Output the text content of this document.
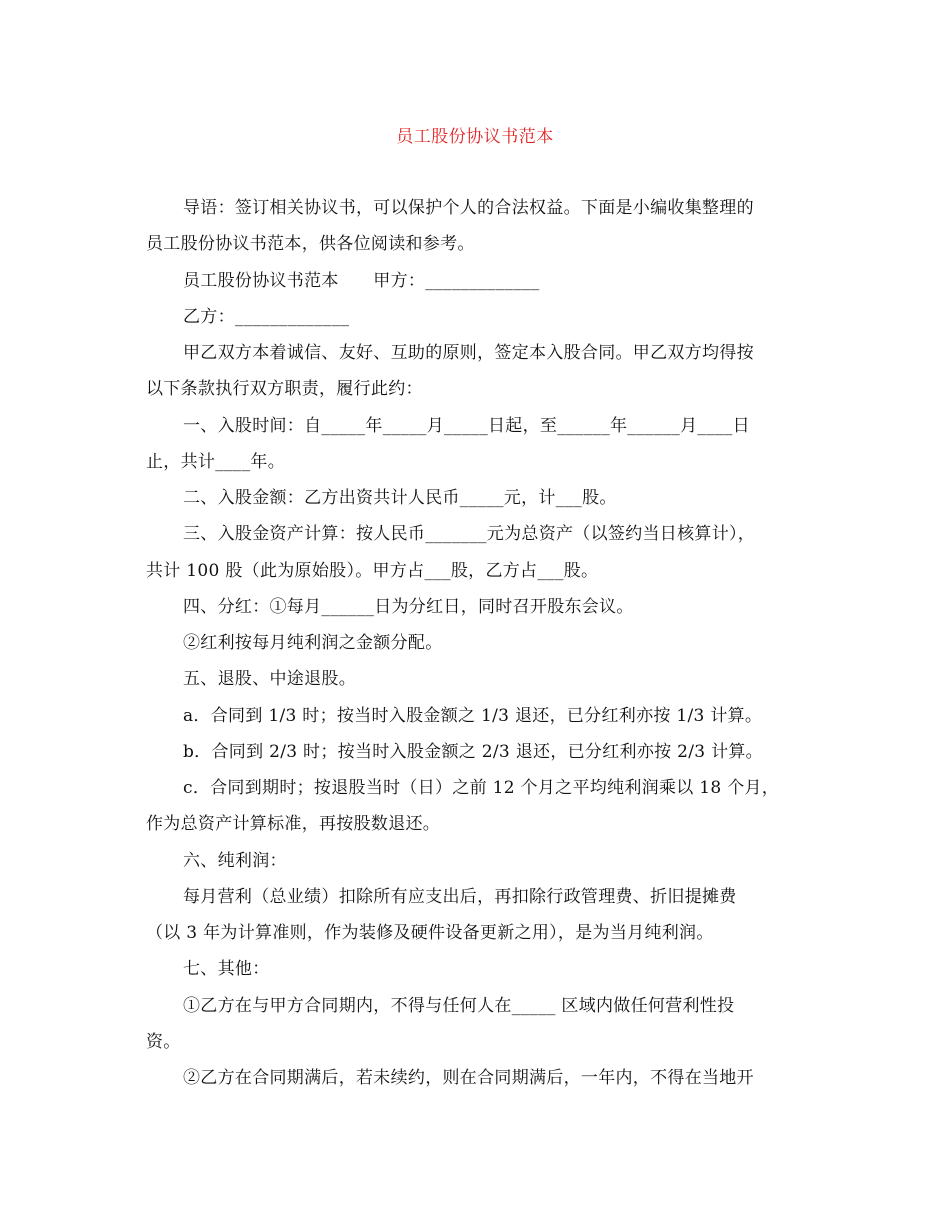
员工股份协议书范本
导语：签订相关协议书，可以保护个人的合法权益。下面是小编收集整理的
员工股份协议书范本，供各位阅读和参考。
员工股份协议书范本　　甲方：_____________
乙方：_____________
甲乙双方本着诚信、友好、互助的原则，签定本入股合同。甲乙双方均得按
以下条款执行双方职责，履行此约：
一、入股时间：自_____年_____月_____日起，至______年______月____日
止，共计____年。
二、入股金额：乙方出资共计人民币_____元，计___股。
三、入股金资产计算：按人民币_______元为总资产（以签约当日核算计），
共计 100 股（此为原始股）。甲方占___股，乙方占___股。
四、分红：①每月______日为分红日，同时召开股东会议。
②红利按每月纯利润之金额分配。
五、退股、中途退股。
a．合同到 1/3 时；按当时入股金额之 1/3 退还，已分红利亦按 1/3 计算。
b．合同到 2/3 时；按当时入股金额之 2/3 退还，已分红利亦按 2/3 计算。
c．合同到期时；按退股当时（日）之前 12 个月之平均纯利润乘以 18 个月，
作为总资产计算标准，再按股数退还。
六、纯利润：
每月营利（总业绩）扣除所有应支出后，再扣除行政管理费、折旧提摊费
（以 3 年为计算准则，作为装修及硬件设备更新之用），是为当月纯利润。
七、其他：
①乙方在与甲方合同期内，不得与任何人在_____ 区域内做任何营利性投
资。
②乙方在合同期满后，若未续约，则在合同期满后，一年内，不得在当地开
